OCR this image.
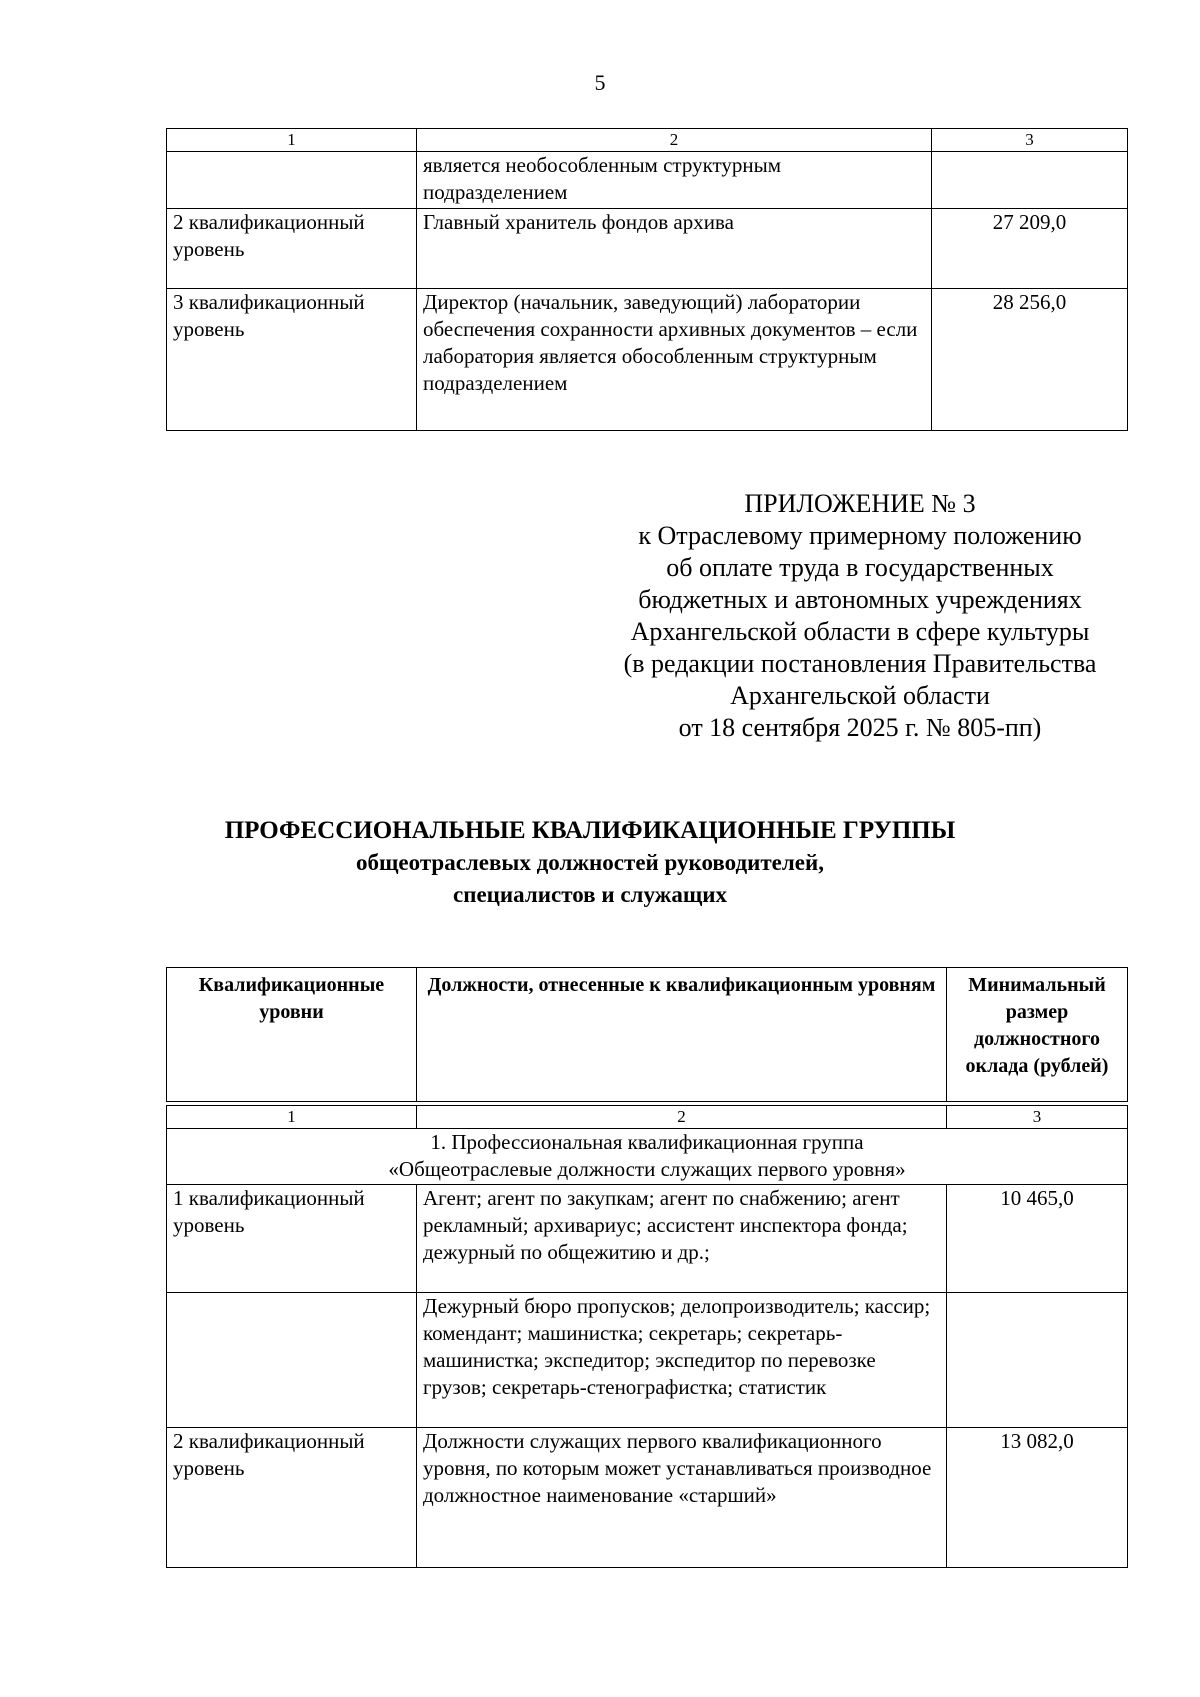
5
1	2	3
	является необособленным структурным подразделением	
2 квалификационный уровень	Главный хранитель фондов архива	27 209,0
3 квалификационный уровень	Директор (начальник, заведующий) лаборатории обеспечения сохранности архивных документов – если лаборатория является обособленным структурным подразделением	28 256,0
ПРИЛОЖЕНИЕ № 3
к Отраслевому примерному положению
об оплате труда в государственных
бюджетных и автономных учреждениях
Архангельской области в сфере культуры
(в редакции постановления Правительства
Архангельской области
от 18 сентября 2025 г. № 805-пп)
ПРОФЕССИОНАЛЬНЫЕ КВАЛИФИКАЦИОННЫЕ ГРУППЫ
общеотраслевых должностей руководителей,
специалистов и служащих
Квалификационные уровни	Должности, отнесенные к квалификационным уровням	Минимальный размер должностного оклада (рублей)
1	2	3

1. Профессиональная квалификационная группа
«Общеотраслевые должности служащих первого уровня»		

1 квалификационный уровень	Агент; агент по закупкам; агент по снабжению; агент рекламный; архивариус; ассистент инспектора фонда; дежурный по общежитию и др.;	10 465,0
	Дежурный бюро пропусков; делопроизводитель; кассир; комендант; машинистка; секретарь; секретарь-машинистка; экспедитор; экспедитор по перевозке грузов; секретарь-стенографистка; статистик	
2 квалификационный уровень	Должности служащих первого квалификационного уровня, по которым может устанавливаться производное должностное наименование «старший»	13 082,0
